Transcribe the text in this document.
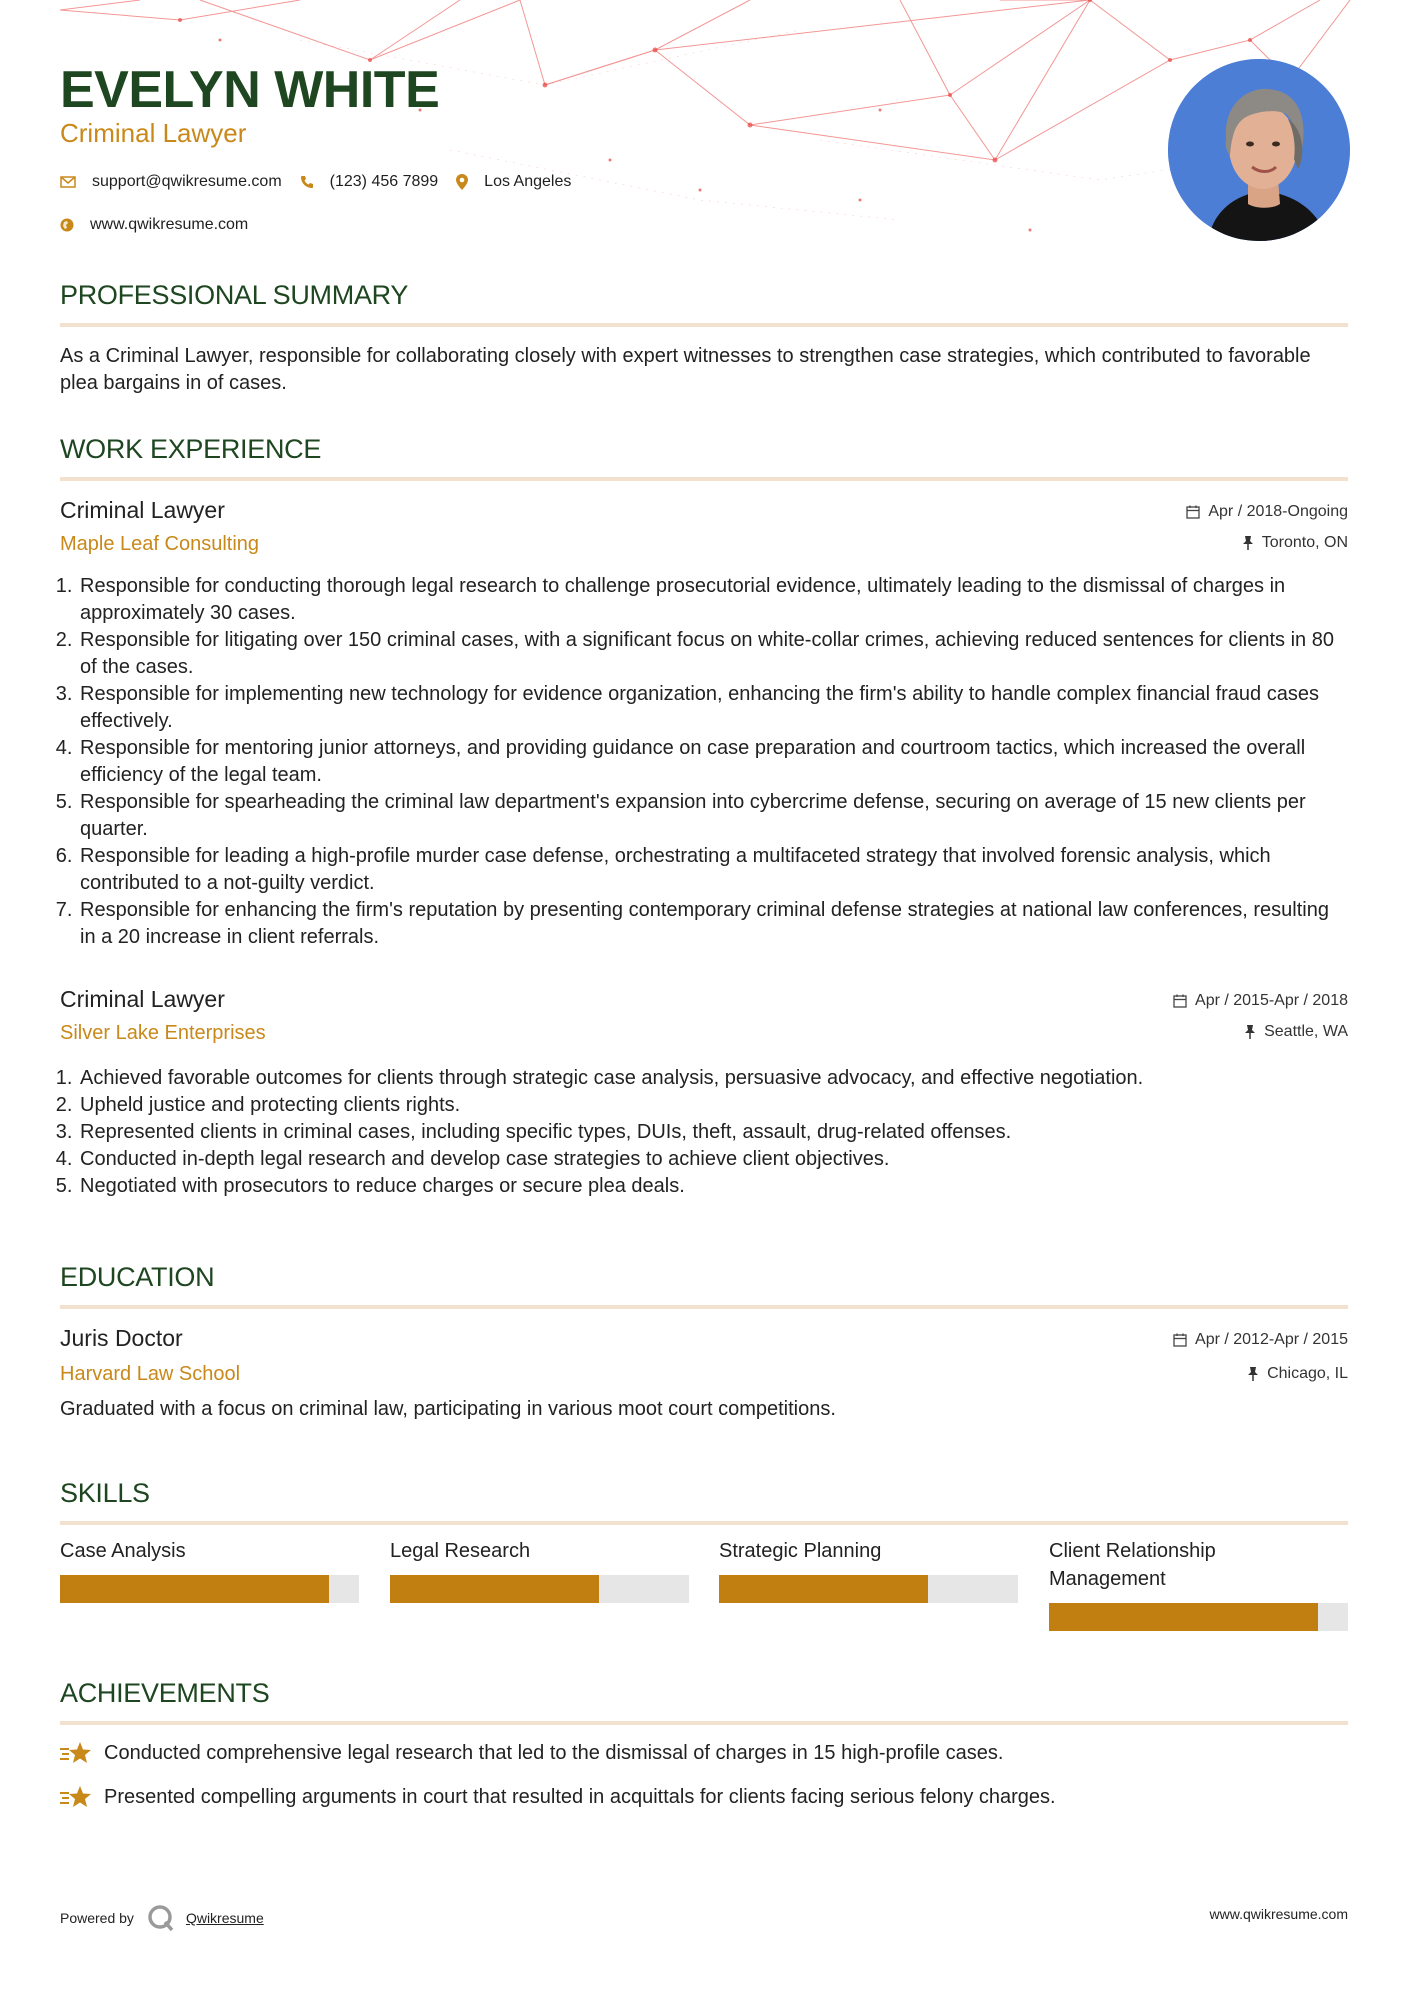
EVELYN WHITE
Criminal Lawyer
support@qwikresume.com	(123) 456 7899	Los Angeles
www.qwikresume.com
PROFESSIONAL SUMMARY

As a Criminal Lawyer, responsible for collaborating closely with expert witnesses to strengthen case strategies, which contributed to favorable plea bargains in of cases.

WORK EXPERIENCE
Criminal Lawyer
Maple Leaf Consulting
Apr / 2018-Ongoing
Toronto, ON
1. Responsible for conducting thorough legal research to challenge prosecutorial evidence, ultimately leading to the dismissal of charges in approximately 30 cases.
2. Responsible for litigating over 150 criminal cases, with a significant focus on white-collar crimes, achieving reduced sentences for clients in 80 of the cases.
3. Responsible for implementing new technology for evidence organization, enhancing the firm's ability to handle complex financial fraud cases effectively.
4. Responsible for mentoring junior attorneys, and providing guidance on case preparation and courtroom tactics, which increased the overall efficiency of the legal team.
5. Responsible for spearheading the criminal law department's expansion into cybercrime defense, securing on average of 15 new clients per quarter.
6. Responsible for leading a high-profile murder case defense, orchestrating a multifaceted strategy that involved forensic analysis, which contributed to a not-guilty verdict.
7. Responsible for enhancing the firm's reputation by presenting contemporary criminal defense strategies at national law conferences, resulting in a 20 increase in client referrals.
Criminal Lawyer
Silver Lake Enterprises
Apr / 2015-Apr / 2018
Seattle, WA
1. Achieved favorable outcomes for clients through strategic case analysis, persuasive advocacy, and effective negotiation.
2. Upheld justice and protecting clients rights.
3. Represented clients in criminal cases, including specific types, DUIs, theft, assault, drug-related offenses.
4. Conducted in-depth legal research and develop case strategies to achieve client objectives.
5. Negotiated with prosecutors to reduce charges or secure plea deals.
EDUCATION
Juris Doctor
Harvard Law School
Apr / 2012-Apr / 2015
Chicago, IL

Graduated with a focus on criminal law, participating in various moot court competitions.

SKILLS
Case Analysis	Legal Research	Strategic Planning	Client Relationship Management
ACHIEVEMENTS
Conducted comprehensive legal research that led to the dismissal of charges in 15 high-profile cases.
Presented compelling arguments in court that resulted in acquittals for clients facing serious felony charges.
Powered by	Qwikresume	www.qwikresume.com
